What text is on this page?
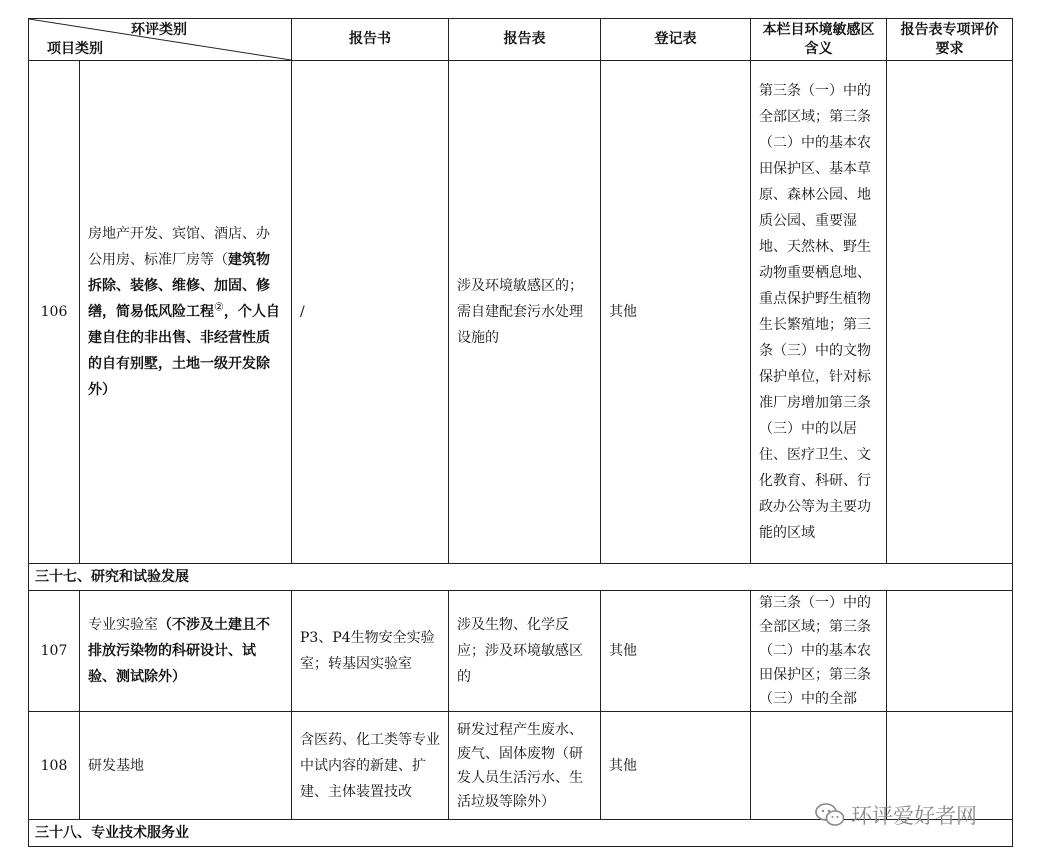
环评类别
项目类别		报告书	报告表	登记表	本栏目环境敏感区含义	报告表专项评价要求
106	房地产开发、宾馆、酒店、办公用房、标准厂房等（建筑物拆除、装修、维修、加固、修缮，简易低风险工程②，个人自建自住的非出售、非经营性质的自有别墅，土地一级开发除外）	/	涉及环境敏感区的；需自建配套污水处理设施的	其他	第三条（一）中的全部区域；第三条（二）中的基本农田保护区、基本草原、森林公园、地质公园、重要湿地、天然林、野生动物重要栖息地、重点保护野生植物生长繁殖地；第三条（三）中的文物保护单位，针对标准厂房增加第三条（三）中的以居住、医疗卫生、文化教育、科研、行政办公等为主要功能的区域	
三十七、研究和试验发展						
107	专业实验室（不涉及土建且不排放污染物的科研设计、试验、测试除外）	P3、P4生物安全实验室；转基因实验室	涉及生物、化学反应；涉及环境敏感区的	其他	第三条（一）中的全部区域；第三条（二）中的基本农田保护区；第三条（三）中的全部	
108	研发基地	含医药、化工类等专业中试内容的新建、扩建、主体装置技改	研发过程产生废水、废气、固体废物（研发人员生活污水、生活垃圾等除外）	其他		
三十八、专业技术服务业						
环评爱好者网
